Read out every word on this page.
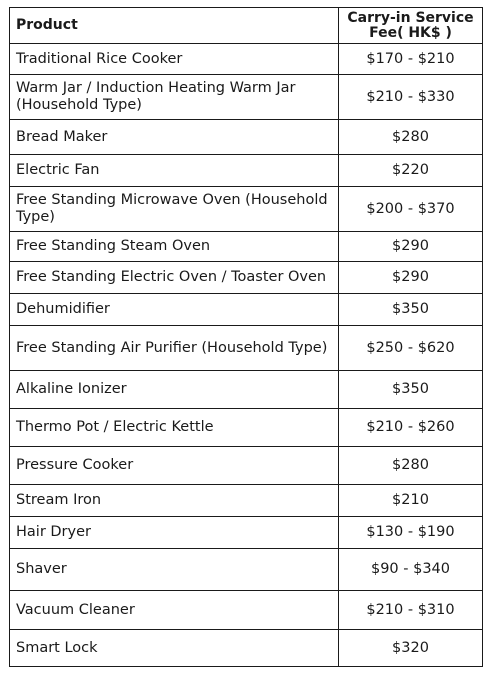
Product	Carry-in Service Fee( HK$ )
Traditional Rice Cooker	$170 - $210
Warm Jar / Induction Heating Warm Jar (Household Type)	$210 - $330
Bread Maker	$280
Electric Fan	$220
Free Standing Microwave Oven (Household Type)	$200 - $370
Free Standing Steam Oven	$290
Free Standing Electric Oven / Toaster Oven	$290
Dehumidifier	$350
Free Standing Air Purifier (Household Type)	$250 - $620
Alkaline Ionizer	$350
Thermo Pot / Electric Kettle	$210 - $260
Pressure Cooker	$280
Stream Iron	$210
Hair Dryer	$130 - $190
Shaver	$90 - $340
Vacuum Cleaner	$210 - $310
Smart Lock	$320
